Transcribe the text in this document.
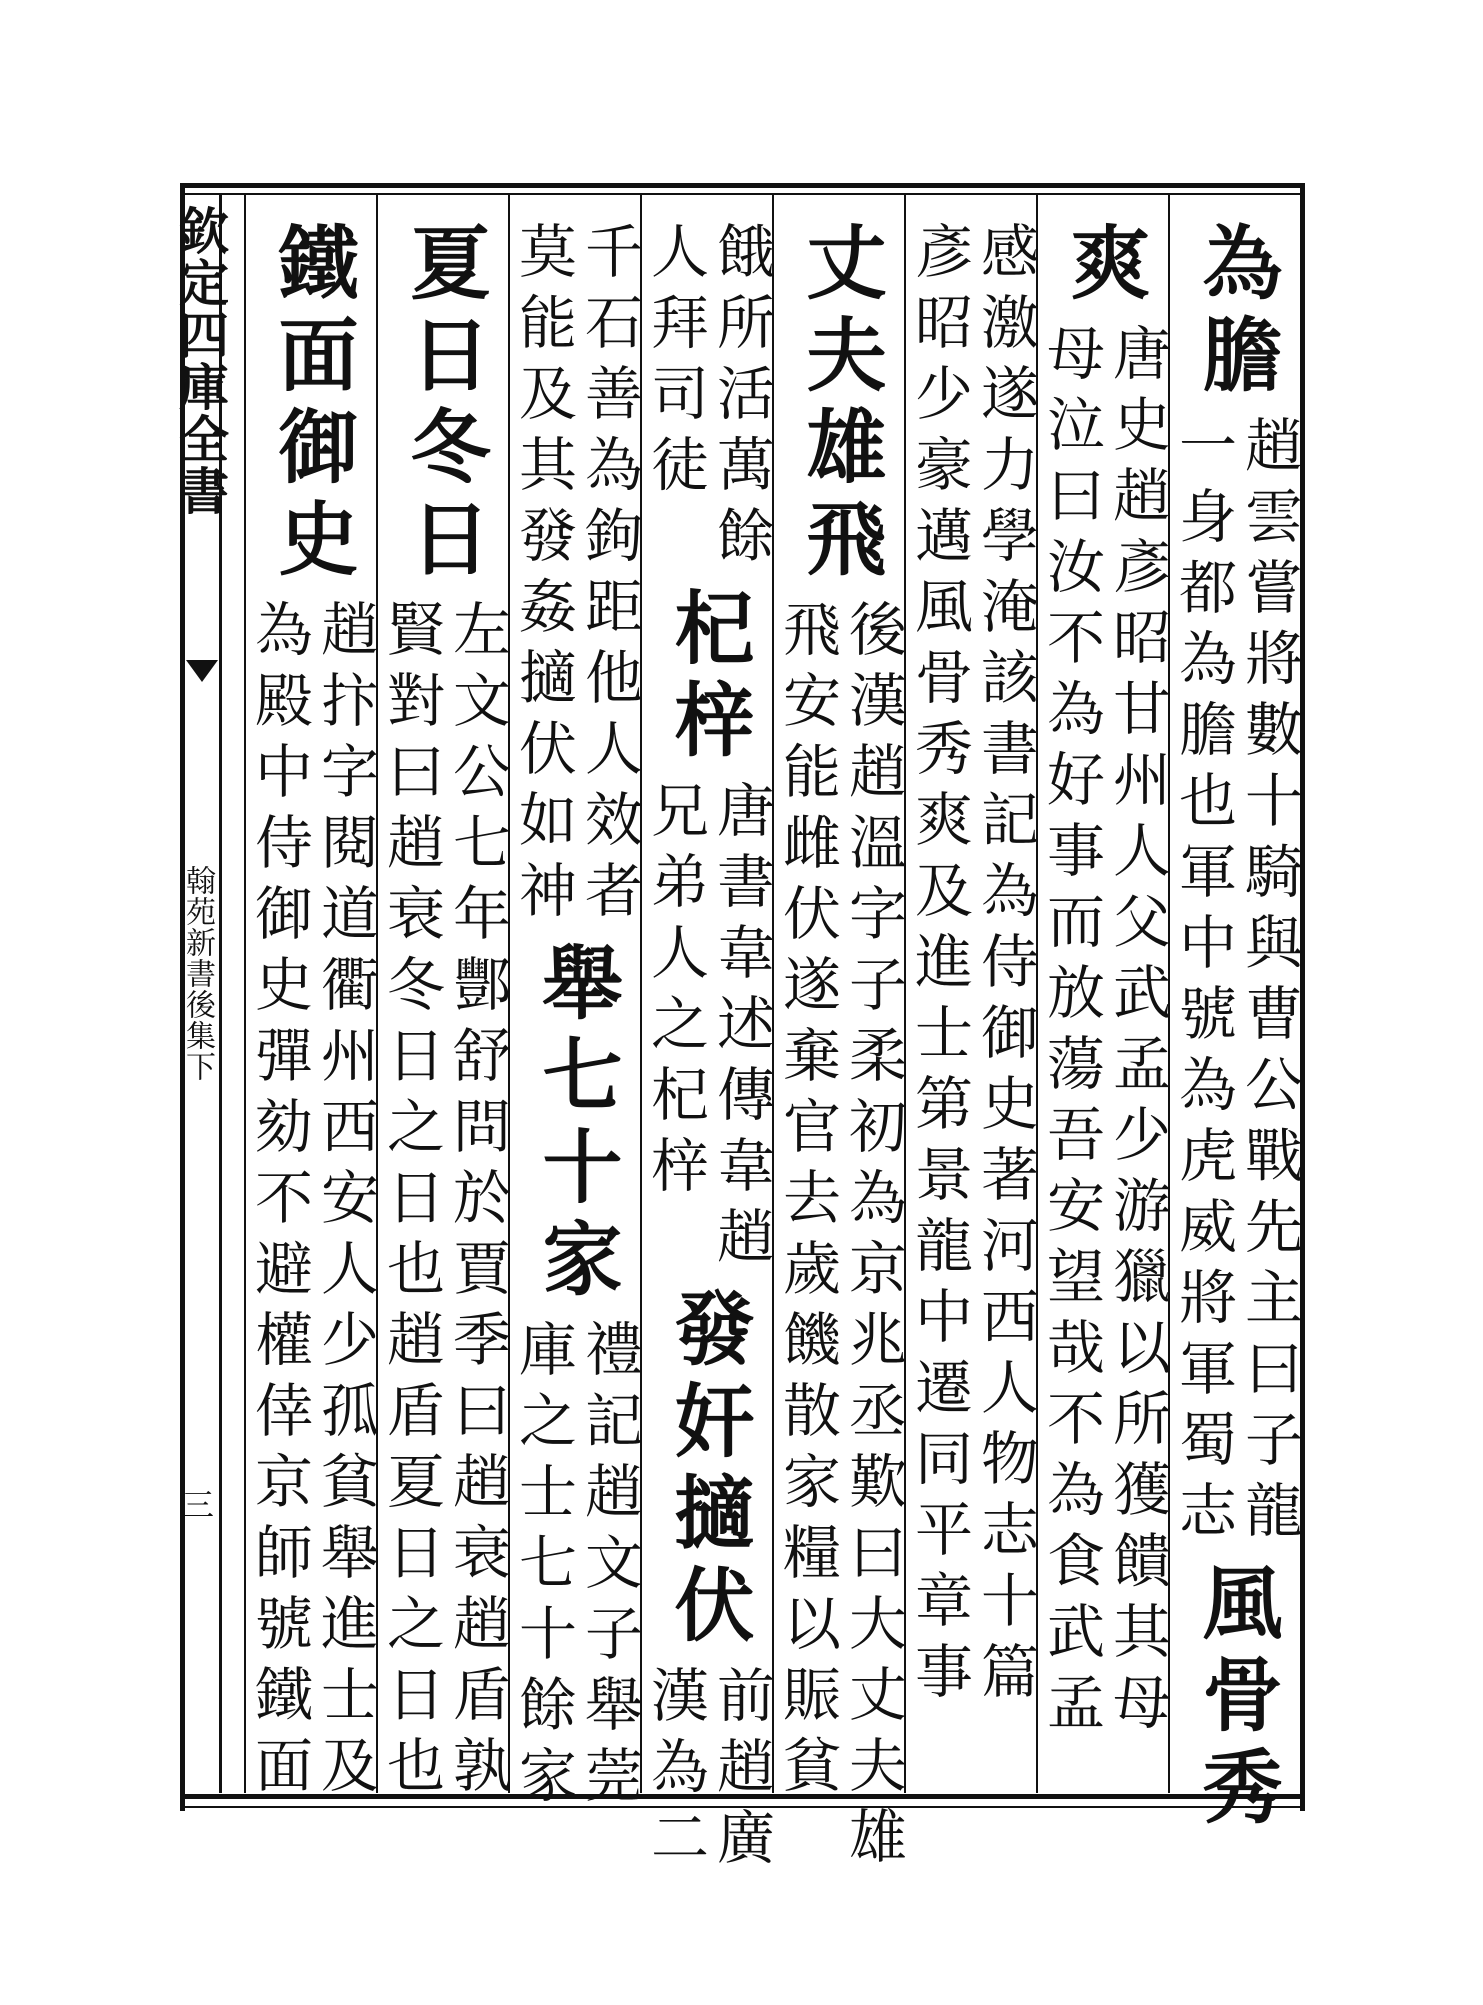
欽定四庫全書
翰苑新書後集下
三
為膽
趙雲嘗將數十騎與曹公戰先主曰子龍
一身都為膽也軍中號為虎威將軍蜀志
風骨秀
爽
唐史趙彥昭甘州人父武孟少游獵以所獲饋其母
母泣曰汝不為好事而放蕩吾安望哉不為食武孟
感激遂力學淹該書記為侍御史著河西人物志十篇
彥昭少豪邁風骨秀爽及進士第景龍中遷同平章事
丈夫雄飛
後漢趙溫字子柔初為京兆丞歎曰大丈夫雄
飛安能雌伏遂棄官去歲饑散家糧以賑貧
餓所活萬餘
人拜司徒
杞梓
唐書韋述傳韋趙
兄弟人之杞梓
發奸擿伏
前趙廣
漢為二
千石善為鉤距他人效者
莫能及其發姦擿伏如神
舉七十家
禮記趙文子舉莞
庫之士七十餘家
夏日冬日
左文公七年酆舒問於賈季曰趙衰趙盾孰
賢對曰趙衰冬日之日也趙盾夏日之日也
鐵面御史
趙抃字閱道衢州西安人少孤貧舉進士及
為殿中侍御史彈劾不避權倖京師號鐵面
